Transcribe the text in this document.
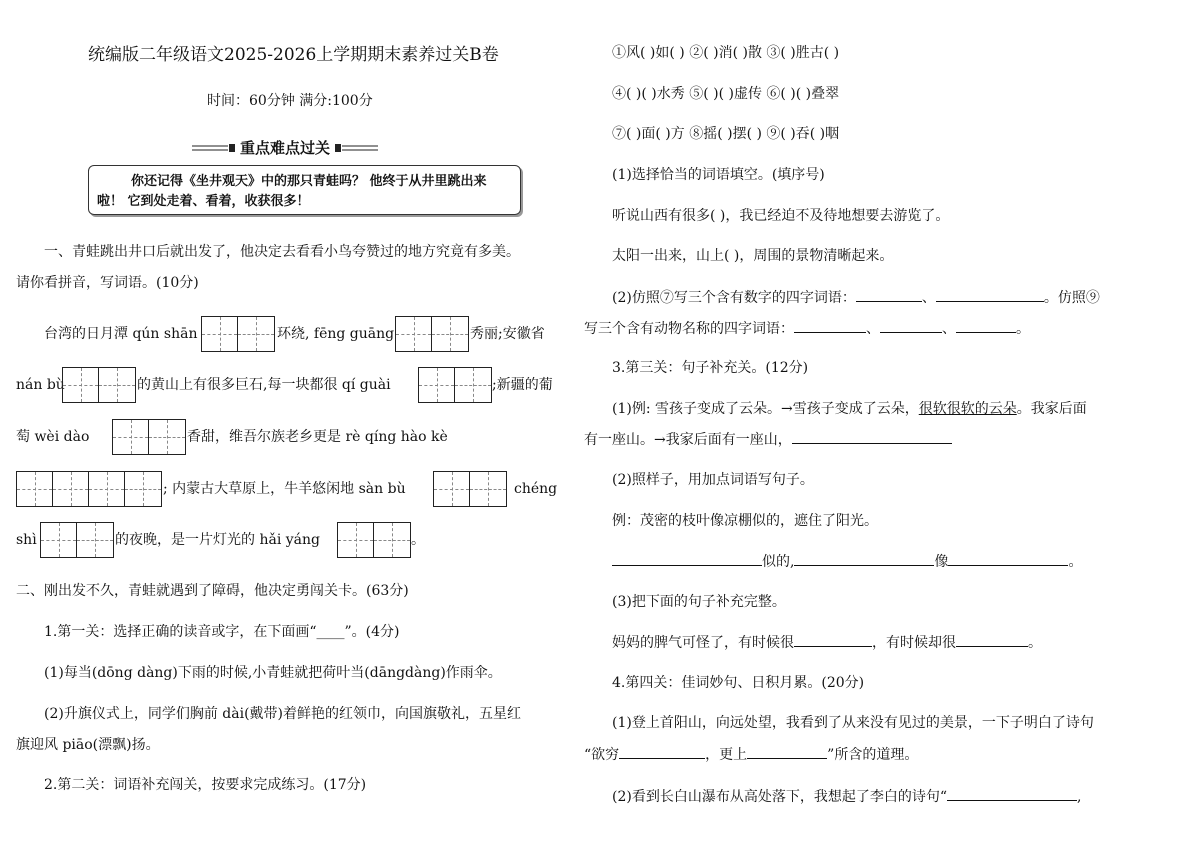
统编版二年级语文2025-2026上学期期末素养过关B卷
时间：60分钟 满分:100分
重点难点过关
你还记得《坐井观天》中的那只青蛙吗？ 他终于从井里跳出来啦！ 它到处走着、看着，收获很多！
一、青蛙跳出井口后就出发了，他决定去看看小鸟夸赞过的地方究竟有多美。
请你看拼音，写词语。(10分)
台湾的日月潭 qún shān	环绕, fēng guāng	秀丽;安徽省
nán bù	的黄山上有很多巨石,每一块都很 qí guài	;新疆的葡
萄 wèi dào	香甜，维吾尔族老乡更是 rè qíng hào kè
; 内蒙古大草原上，牛羊悠闲地 sàn bù	chéng
shì	的夜晚，是一片灯光的 hǎi yáng	。
二、刚出发不久，青蛙就遇到了障碍，他决定勇闯关卡。(63分)
1.第一关：选择正确的读音或字，在下面画“____”。(4分)
(1)每当(dōng dàng)下雨的时候,小青蛙就把荷叶当(dāngdàng)作雨伞。
(2)升旗仪式上，同学们胸前 dài(戴带)着鲜艳的红领巾，向国旗敬礼，五星红
旗迎风 piāo(漂飘)扬。
2.第二关：词语补充闯关，按要求完成练习。(17分)
①风( )如( ) ②( )消( )散 ③( )胜古( )
④( )( )水秀 ⑤( )( )虚传 ⑥( )( )叠翠
⑦( )面( )方 ⑧摇( )摆( ) ⑨( )吞( )咽
(1)选择恰当的词语填空。(填序号)
听说山西有很多( )，我已经迫不及待地想要去游览了。
太阳一出来，山上( )，周围的景物清晰起来。
(2)仿照⑦写三个含有数字的四字词语：	、	。仿照⑨
写三个含有动物名称的四字词语：	、	、	。
3.第三关：句子补充关。(12分)
(1)例: 雪孩子变成了云朵。→雪孩子变成了云朵，很软很软的云朵。我家后面
有一座山。→我家后面有一座山，
(2)照样子，用加点词语写句子。
例：茂密的枝叶像凉棚似的，遮住了阳光。
似的,	像	。
(3)把下面的句子补充完整。
妈妈的脾气可怪了，有时候很	，有时候却很	。
4.第四关：佳词妙句、日积月累。(20分)
(1)登上首阳山，向远处望，我看到了从来没有见过的美景，一下子明白了诗句
“欲穷	，更上	”所含的道理。
(2)看到长白山瀑布从高处落下，我想起了李白的诗句“	,
